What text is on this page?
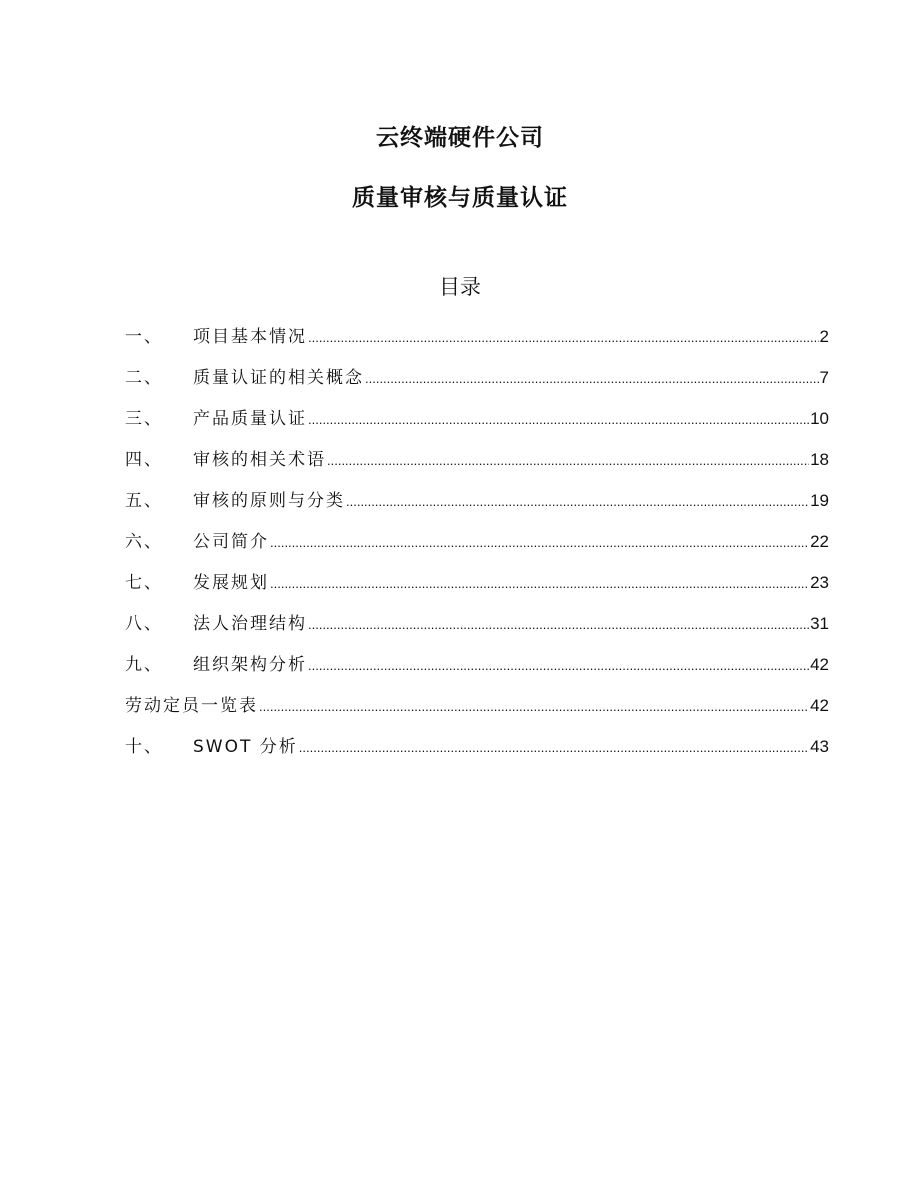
云终端硬件公司
质量审核与质量认证
目录
一、 项目基本情况 .....	2
二、 质量认证的相关概念 .....	7
三、 产品质量认证 .....	10
四、 审核的相关术语 .....	18
五、 审核的原则与分类 .....	19
六、 公司简介 .....	22
七、 发展规划 .....	23
八、 法人治理结构 .....	31
九、 组织架构分析 .....	42
劳动定员一览表 .....	42
十、 SWOT 分析 .....	43
